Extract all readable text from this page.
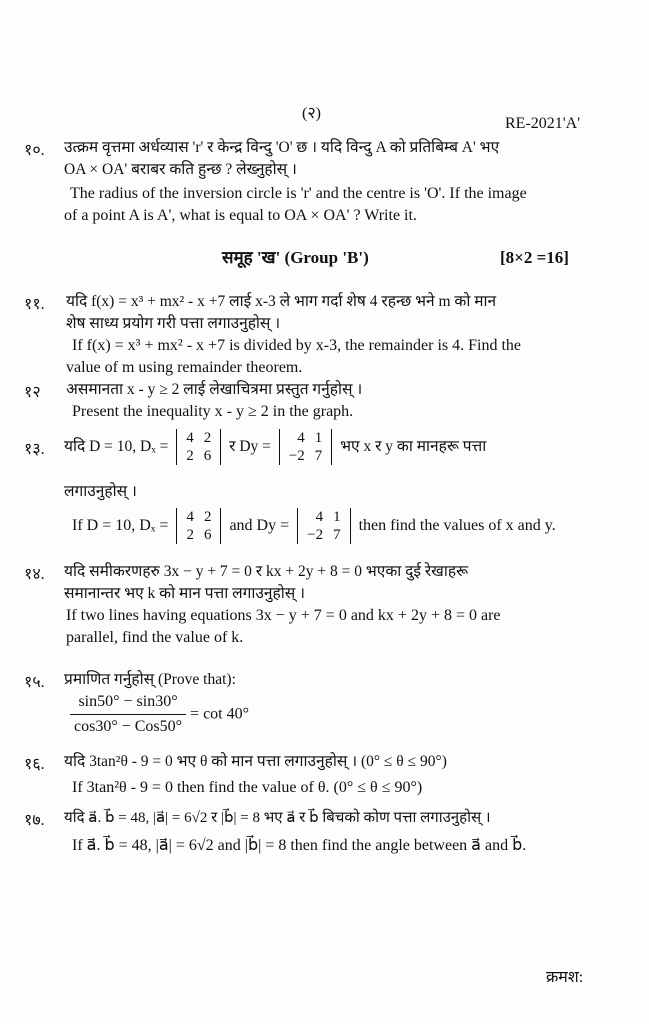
(२)
RE-2021'A'
१०. उत्क्रम वृत्तमा अर्धव्यास 'r' र केन्द्र विन्दु 'O' छ । यदि विन्दु A को प्रतिबिम्ब A' भए
OA × OA' बराबर कति हुन्छ ? लेख्नुहोस् ।
The radius of the inversion circle is 'r' and the centre is 'O'. If the image
of a point A is A', what is equal to OA × OA' ? Write it.
समूह 'ख' (Group 'B')	[8×2 =16]
११. यदि f(x) = x³ + mx² - x +7 लाई x-3 ले भाग गर्दा शेष 4 रहन्छ भने m को मान
शेष साध्य प्रयोग गरी पत्ता लगाउनुहोस् ।
If f(x) = x³ + mx² - x +7 is divided by x-3, the remainder is 4. Find the
value of m using remainder theorem.
१२ असमानता x - y ≥ 2 लाई लेखाचित्रमा प्रस्तुत गर्नुहोस् ।
Present the inequality x - y ≥ 2 in the graph.
१३. यदि D = 10, Dₓ = 4	2
2	6
र Dy = 4	1
−2	7
भए x र y का मानहरू पत्ता
लगाउनुहोस् ।
If D = 10, Dₓ = 4	2
2	6
and Dy = 4	1
−2	7
then find the values of x and y.
१४. यदि समीकरणहरु 3x − y + 7 = 0 र kx + 2y + 8 = 0 भएका दुई रेखाहरू
समानान्तर भए k को मान पत्ता लगाउनुहोस् ।
If two lines having equations 3x − y + 7 = 0 and kx + 2y + 8 = 0 are
parallel, find the value of k.
१५. प्रमाणित गर्नुहोस् (Prove that):
$\frac{\sin 50^\circ - \sin 30^\circ}{\text{cos30° − Cos50°}} = \cot 40^\circ$
१६. यदि 3tan²θ - 9 = 0 भए θ को मान पत्ता लगाउनुहोस् । (0° ≤ θ ≤ 90°)
If 3tan²θ - 9 = 0 then find the value of θ. (0° ≤ θ ≤ 90°)
१७. यदि a⃗. b⃗ = 48, |a⃗| = 6√2 र |b⃗| = 8 भए a⃗ र b⃗ बिचको कोण पत्ता लगाउनुहोस् ।
If a⃗. b⃗ = 48, |a⃗| = 6√2 and |b⃗| = 8 then find the angle between a⃗ and b⃗.
क्रमश:
